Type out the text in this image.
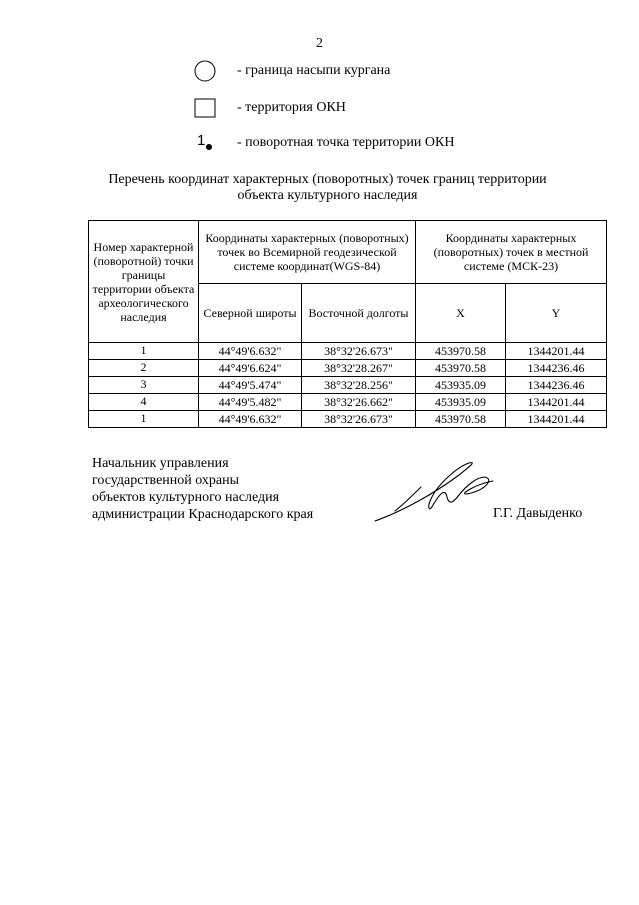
2
- граница насыпи кургана
- территория ОКН
1 - поворотная точка территории ОКН
Перечень координат характерных (поворотных) точек границ территории
объекта культурного наследия
Номер характерной (поворотной) точки границы территории объекта археологического наследия	Координаты характерных (поворотных) точек во Всемирной геодезической системе координат(WGS-84)		Координаты характерных (поворотных) точек в местной системе (МСК-23)	
	Северной широты	Восточной долготы	X	Y
1	44°49'6.632"	38°32'26.673"	453970.58	1344201.44
2	44°49'6.624"	38°32'28.267"	453970.58	1344236.46
3	44°49'5.474"	38°32'28.256"	453935.09	1344236.46
4	44°49'5.482"	38°32'26.662"	453935.09	1344201.44
1	44°49'6.632"	38°32'26.673"	453970.58	1344201.44
Начальник управления
государственной охраны
объектов культурного наследия
администрации Краснодарского края	Г.Г. Давыденко
